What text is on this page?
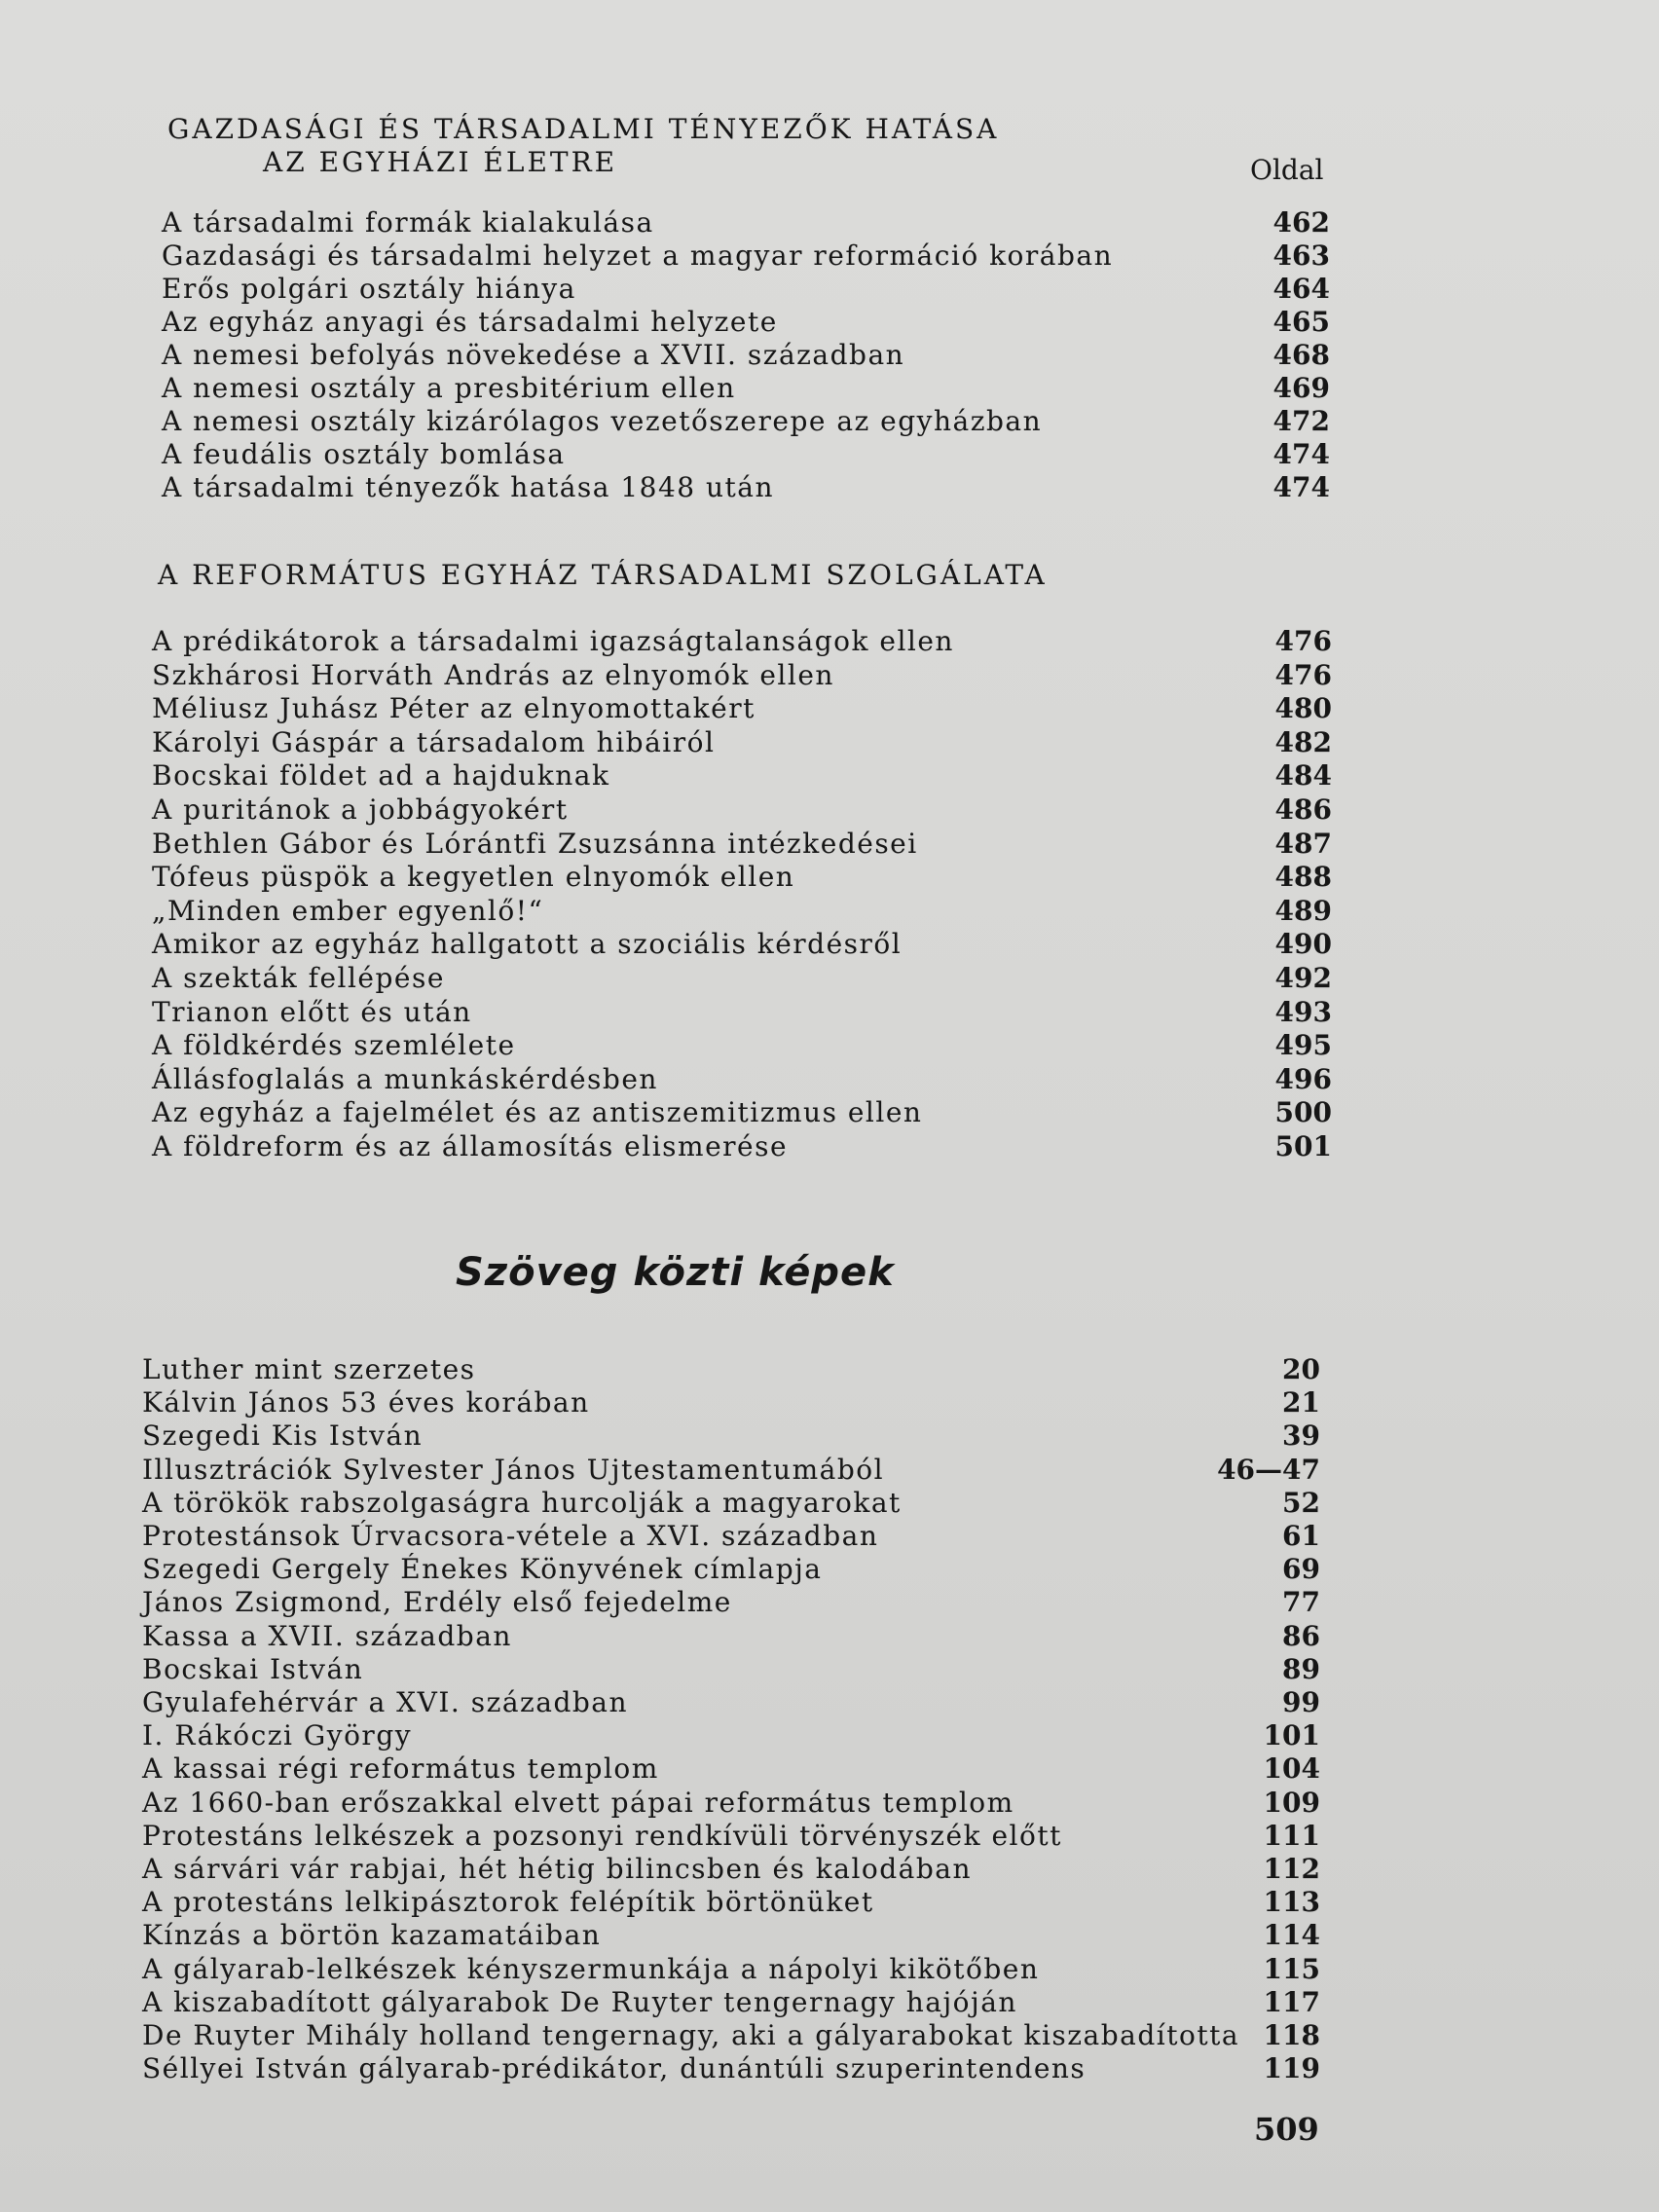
GAZDASÁGI ÉS TÁRSADALMI TÉNYEZŐK HATÁSA
AZ EGYHÁZI ÉLETRE	Oldal
A társadalmi formák kialakulása	462
Gazdasági és társadalmi helyzet a magyar reformáció korában	463
Erős polgári osztály hiánya	464
Az egyház anyagi és társadalmi helyzete	465
A nemesi befolyás növekedése a XVII. században	468
A nemesi osztály a presbitérium ellen	469
A nemesi osztály kizárólagos vezetőszerepe az egyházban	472
A feudális osztály bomlása	474
A társadalmi tényezők hatása 1848 után	474
A REFORMÁTUS EGYHÁZ TÁRSADALMI SZOLGÁLATA
A prédikátorok a társadalmi igazságtalanságok ellen	476
Szkhárosi Horváth András az elnyomók ellen	476
Méliusz Juhász Péter az elnyomottakért	480
Károlyi Gáspár a társadalom hibáiról	482
Bocskai földet ad a hajduknak	484
A puritánok a jobbágyokért	486
Bethlen Gábor és Lórántfi Zsuzsánna intézkedései	487
Tófeus püspök a kegyetlen elnyomók ellen	488
„Minden ember egyenlő!“	489
Amikor az egyház hallgatott a szociális kérdésről	490
A szekták fellépése	492
Trianon előtt és után	493
A földkérdés szemlélete	495
Állásfoglalás a munkáskérdésben	496
Az egyház a fajelmélet és az antiszemitizmus ellen	500
A földreform és az államosítás elismerése	501
Szöveg közti képek
Luther mint szerzetes	20
Kálvin János 53 éves korában	21
Szegedi Kis István	39
Illusztrációk Sylvester János Ujtestamentumából	46—47
A törökök rabszolgaságra hurcolják a magyarokat	52
Protestánsok Úrvacsora-vétele a XVI. században	61
Szegedi Gergely Énekes Könyvének címlapja	69
János Zsigmond, Erdély első fejedelme	77
Kassa a XVII. században	86
Bocskai István	89
Gyulafehérvár a XVI. században	99
I. Rákóczi György	101
A kassai régi református templom	104
Az 1660-ban erőszakkal elvett pápai református templom	109
Protestáns lelkészek a pozsonyi rendkívüli törvényszék előtt	111
A sárvári vár rabjai, hét hétig bilincsben és kalodában	112
A protestáns lelkipásztorok felépítik börtönüket	113
Kínzás a börtön kazamatáiban	114
A gályarab-lelkészek kényszermunkája a nápolyi kikötőben	115
A kiszabadított gályarabok De Ruyter tengernagy hajóján	117
De Ruyter Mihály holland tengernagy, aki a gályarabokat kiszabadította 118
Séllyei István gályarab-prédikátor, dunántúli szuperintendens	119
509
